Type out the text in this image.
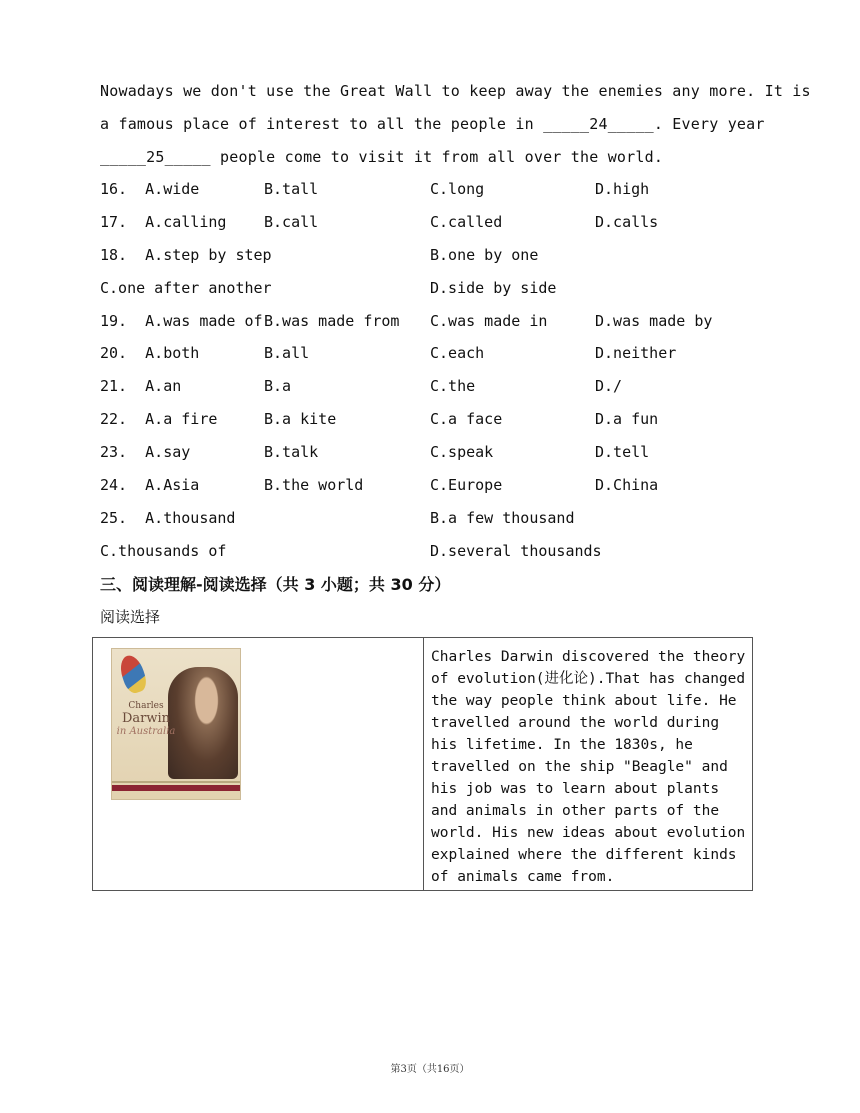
Nowadays we don't use the Great Wall to keep away the enemies any more. It is
a famous place of interest to all the people in _____24_____. Every year
_____25_____ people come to visit it from all over the world.
16. A.wide	B.tall	C.long	D.high
17. A.calling	B.call	C.called	D.calls
18. A.step by step	B.one by one
C.one after another	D.side by side
19. A.was made of B.was made from C.was made in	D.was made by
20. A.both	B.all	C.each	D.neither
21. A.an	B.a	C.the	D./
22. A.a fire	B.a kite	C.a face	D.a fun
23. A.say	B.talk	C.speak	D.tell
24. A.Asia	B.the world	C.Europe	D.China
25. A.thousand	B.a few thousand
C.thousands of	D.several thousands
三、阅读理解-阅读选择（共 3 小题；共 30 分）
阅读选择
Charles
Darwin
in Australia
	Charles Darwin discovered the theory of evolution(进化论).That has changed the way people think about life. He travelled around the world during his lifetime. In the 1830s, he travelled on the ship "Beagle" and his job was to learn about plants and animals in other parts of the world. His new ideas about evolution explained where the different kinds of animals came from.
第3页（共16页）
